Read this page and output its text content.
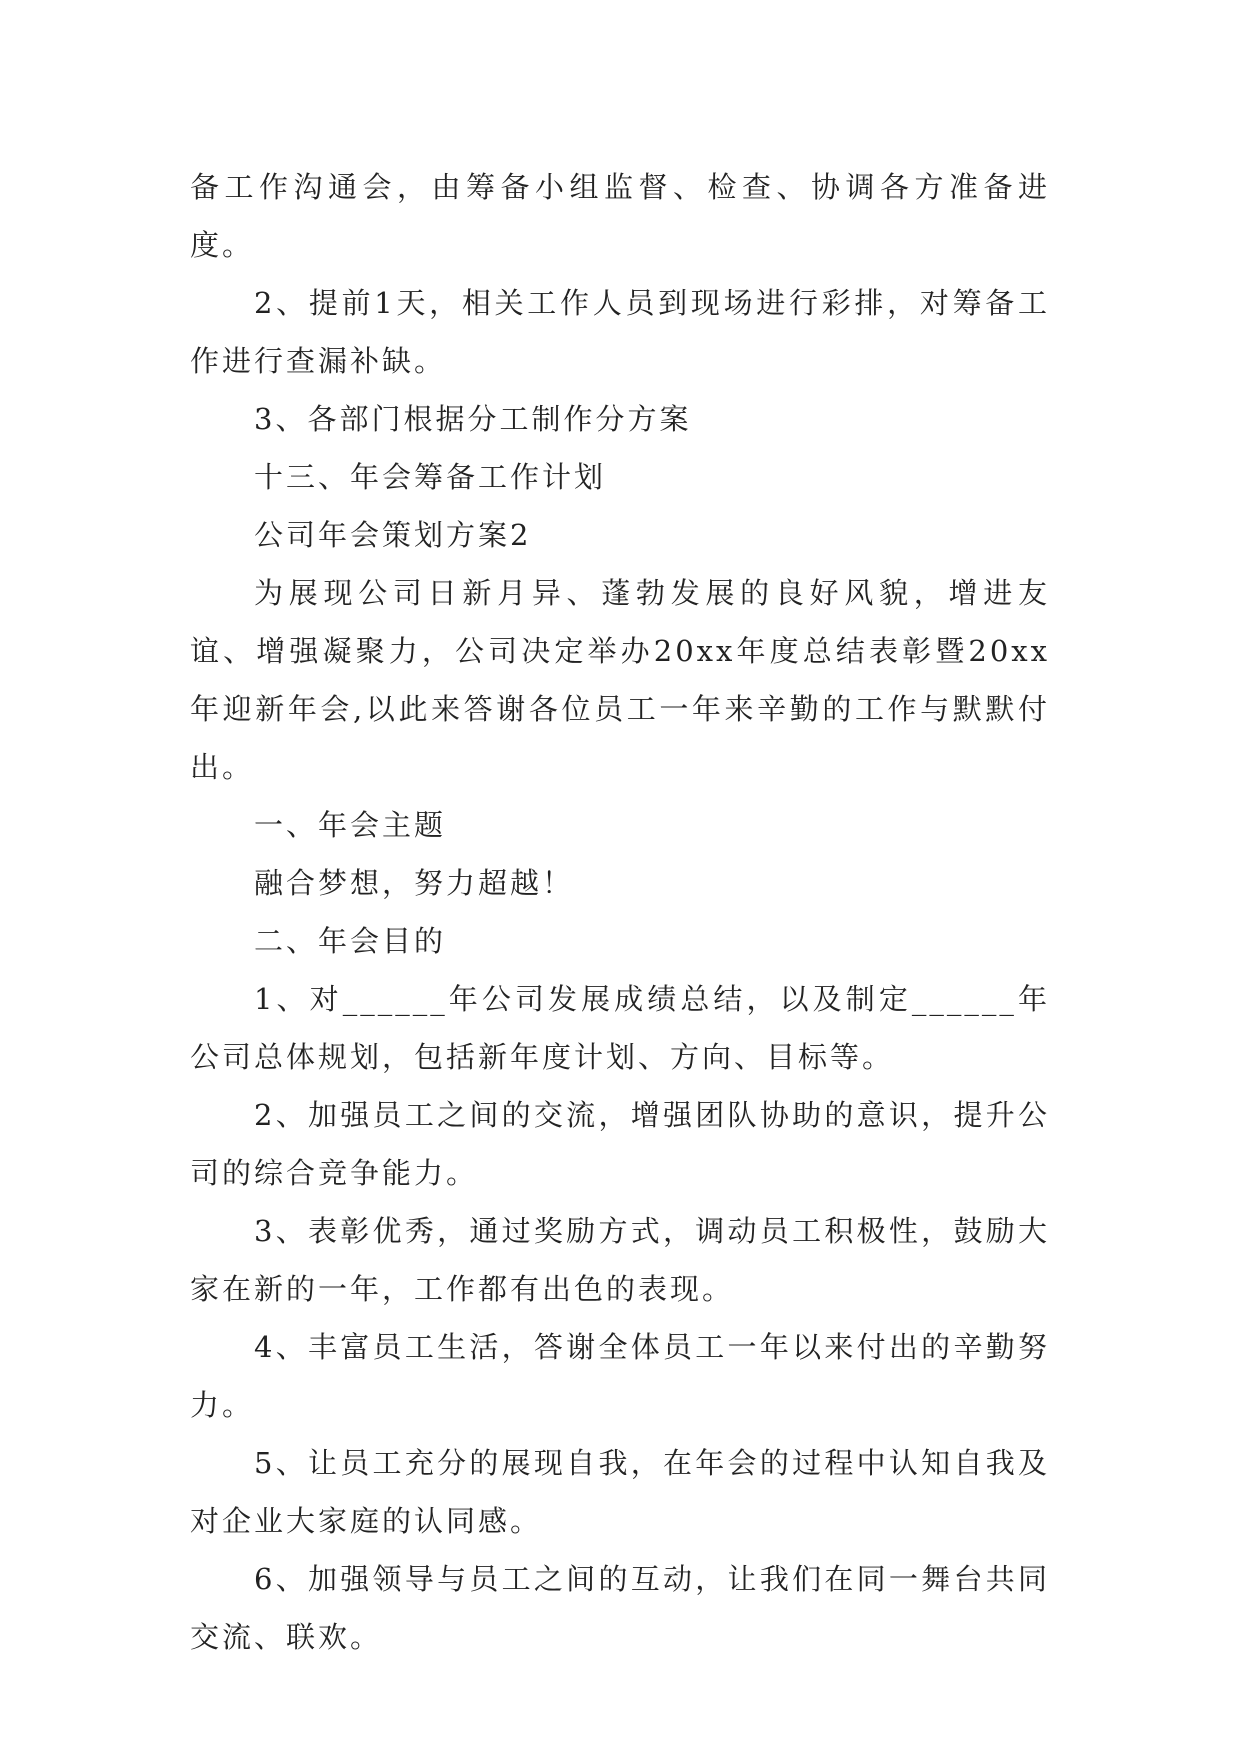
备工作沟通会，由筹备小组监督、检查、协调各方准备进度。

2、提前1天，相关工作人员到现场进行彩排，对筹备工作进行查漏补缺。

3、各部门根据分工制作分方案

十三、年会筹备工作计划

公司年会策划方案2

为展现公司日新月异、蓬勃发展的良好风貌，增进友谊、增强凝聚力，公司决定举办20xx年度总结表彰暨20xx年迎新年会,以此来答谢各位员工一年来辛勤的工作与默默付出。

一、年会主题

融合梦想，努力超越！

二、年会目的

1、对______年公司发展成绩总结，以及制定______年公司总体规划，包括新年度计划、方向、目标等。

2、加强员工之间的交流，增强团队协助的意识，提升公司的综合竞争能力。

3、表彰优秀，通过奖励方式，调动员工积极性，鼓励大家在新的一年，工作都有出色的表现。

4、丰富员工生活，答谢全体员工一年以来付出的辛勤努力。

5、让员工充分的展现自我，在年会的过程中认知自我及对企业大家庭的认同感。

6、加强领导与员工之间的互动，让我们在同一舞台共同交流、联欢。
